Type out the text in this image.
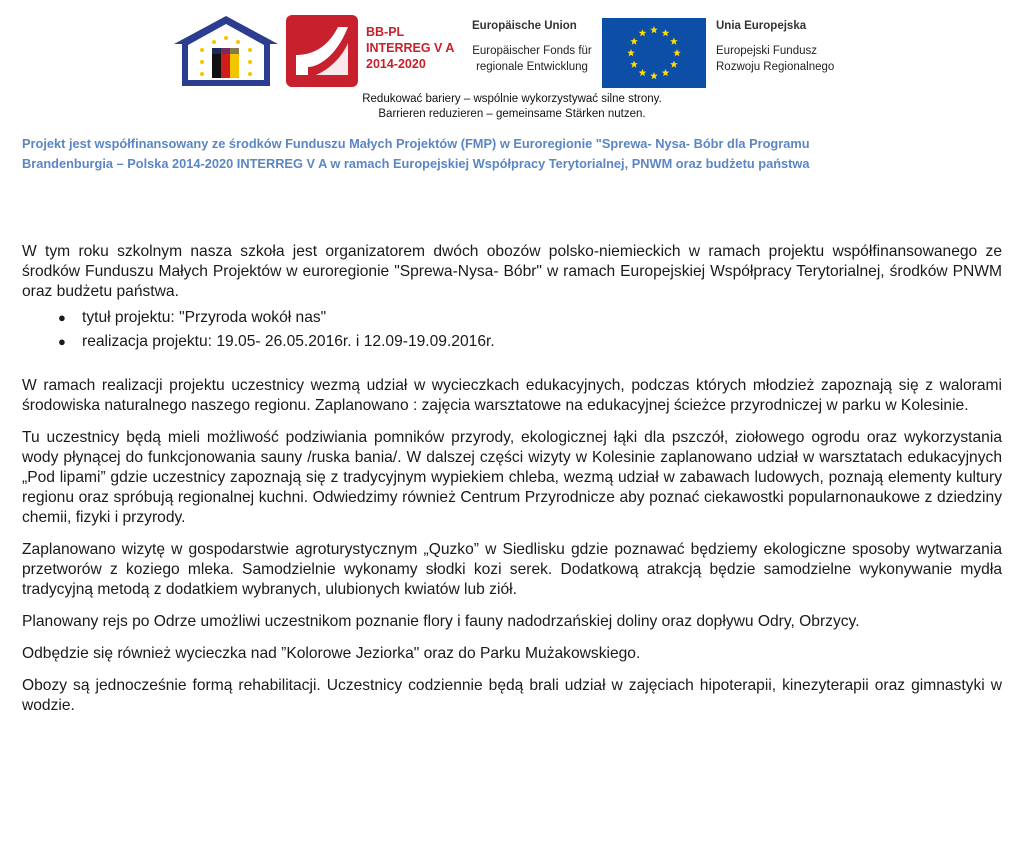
BB-PL
INTERREG V A
2014-2020
Europäische Union
Europäischer Fonds für
regionale Entwicklung
Unia Europejska
Europejski Fundusz
Rozwoju Regionalnego
Redukować bariery – wspólnie wykorzystywać silne strony.
Barrieren reduzieren – gemeinsame Stärken nutzen.
Projekt jest współfinansowany ze środków Funduszu Małych Projektów (FMP) w Euroregionie "Sprewa- Nysa- Bóbr dla Programu
Brandenburgia – Polska 2014-2020 INTERREG V A w ramach Europejskiej Współpracy Terytorialnej, PNWM oraz budżetu państwa

W tym roku szkolnym nasza szkoła jest organizatorem dwóch obozów polsko-niemieckich w ramach projektu współfinansowanego ze środków Funduszu Małych Projektów w euroregionie "Sprewa-Nysa- Bóbr" w ramach Europejskiej Współpracy Terytorialnej, środków PNWM oraz budżetu państwa.

● tytuł projektu: "Przyroda wokół nas"
● realizacja projektu: 19.05- 26.05.2016r. i 12.09-19.09.2016r.

W ramach realizacji projektu uczestnicy wezmą udział w wycieczkach edukacyjnych, podczas których młodzież zapoznają się z walorami środowiska naturalnego naszego regionu. Zaplanowano : zajęcia warsztatowe na edukacyjnej ścieżce przyrodniczej w parku w Kolesinie.

Tu uczestnicy będą mieli możliwość podziwiania pomników przyrody, ekologicznej łąki dla pszczół, ziołowego ogrodu oraz wykorzystania wody płynącej do funkcjonowania sauny /ruska bania/. W dalszej części wizyty w Kolesinie zaplanowano udział w warsztatach edukacyjnych „Pod lipami” gdzie uczestnicy zapoznają się z tradycyjnym wypiekiem chleba, wezmą udział w zabawach ludowych, poznają elementy kultury regionu oraz spróbują regionalnej kuchni. Odwiedzimy również Centrum Przyrodnicze aby poznać ciekawostki popularnonaukowe z dziedziny chemii, fizyki i przyrody.

Zaplanowano wizytę w gospodarstwie agroturystycznym „Quzko” w Siedlisku gdzie poznawać będziemy ekologiczne sposoby wytwarzania przetworów z koziego mleka. Samodzielnie wykonamy słodki kozi serek. Dodatkową atrakcją będzie samodzielne wykonywanie mydła tradycyjną metodą z dodatkiem wybranych, ulubionych kwiatów lub ziół.

Planowany rejs po Odrze umożliwi uczestnikom poznanie flory i fauny nadodrzańskiej doliny oraz dopływu Odry, Obrzycy.

Odbędzie się również wycieczka nad ”Kolorowe Jeziorka" oraz do Parku Mużakowskiego.

Obozy są jednocześnie formą rehabilitacji. Uczestnicy codziennie będą brali udział w zajęciach hipoterapii, kinezyterapii oraz gimnastyki w wodzie.
